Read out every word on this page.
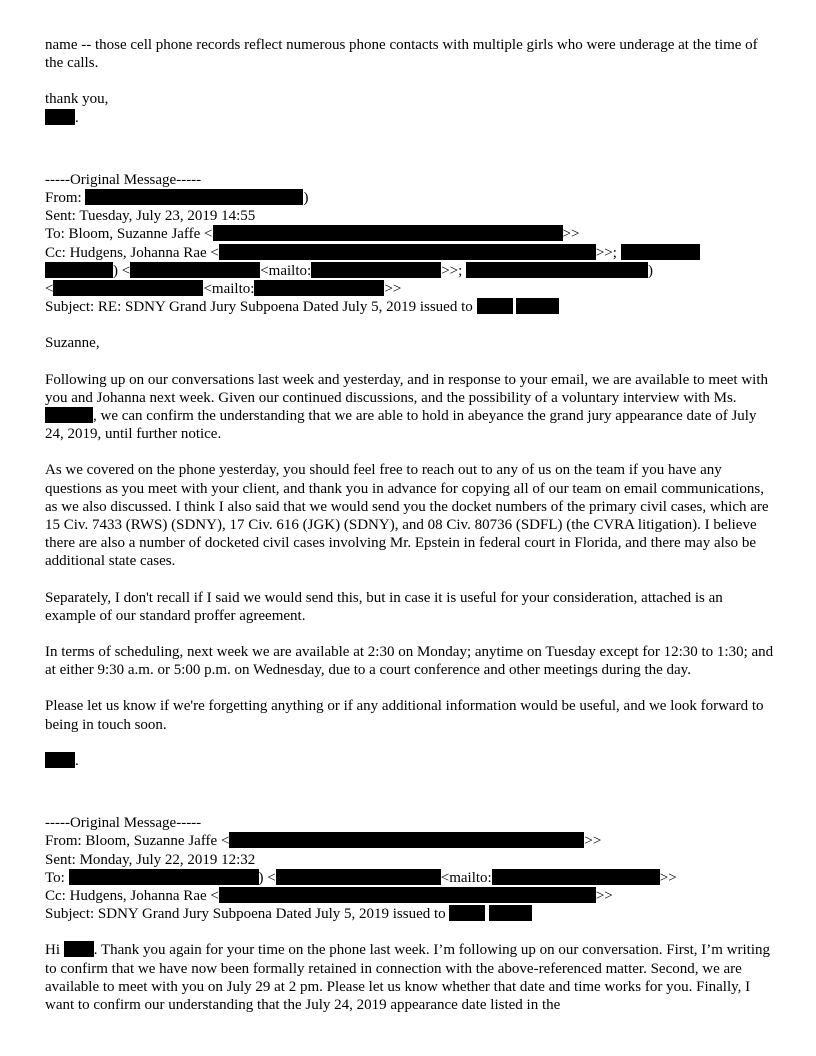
name -- those cell phone records reflect numerous phone contacts with multiple girls who were underage at the time of the calls.

thank you,

.

-----Original Message-----

From:	)

Sent: Tuesday, July 23, 2019 14:55

To: Bloom, Suzanne Jaffe <	>>

Cc: Hudgens, Johanna Rae <	>>;

) <	<mailto:	>>;	)

<	<mailto:	>>

Subject: RE: SDNY Grand Jury Subpoena Dated July 5, 2019 issued to

Suzanne,

Following up on our conversations last week and yesterday, and in response to your email, we are available to meet with you and Johanna next week. Given our continued discussions, and the possibility of a voluntary interview with Ms. , we can confirm the understanding that we are able to hold in abeyance the grand jury appearance date of July 24, 2019, until further notice.

As we covered on the phone yesterday, you should feel free to reach out to any of us on the team if you have any questions as you meet with your client, and thank you in advance for copying all of our team on email communications, as we also discussed. I think I also said that we would send you the docket numbers of the primary civil cases, which are 15 Civ. 7433 (RWS) (SDNY), 17 Civ. 616 (JGK) (SDNY), and 08 Civ. 80736 (SDFL) (the CVRA litigation). I believe there are also a number of docketed civil cases involving Mr. Epstein in federal court in Florida, and there may also be additional state cases.

Separately, I don't recall if I said we would send this, but in case it is useful for your consideration, attached is an example of our standard proffer agreement.

In terms of scheduling, next week we are available at 2:30 on Monday; anytime on Tuesday except for 12:30 to 1:30; and at either 9:30 a.m. or 5:00 p.m. on Wednesday, due to a court conference and other meetings during the day.

Please let us know if we're forgetting anything or if any additional information would be useful, and we look forward to being in touch soon.

.

-----Original Message-----

From: Bloom, Suzanne Jaffe <	>>

Sent: Monday, July 22, 2019 12:32

To:	) <	<mailto:	>>

Cc: Hudgens, Johanna Rae <	>>

Subject: SDNY Grand Jury Subpoena Dated July 5, 2019 issued to

Hi . Thank you again for your time on the phone last week. I’m following up on our conversation. First, I’m writing to confirm that we have now been formally retained in connection with the above-referenced matter. Second, we are available to meet with you on July 29 at 2 pm. Please let us know whether that date and time works for you. Finally, I want to confirm our understanding that the July 24, 2019 appearance date listed in the
